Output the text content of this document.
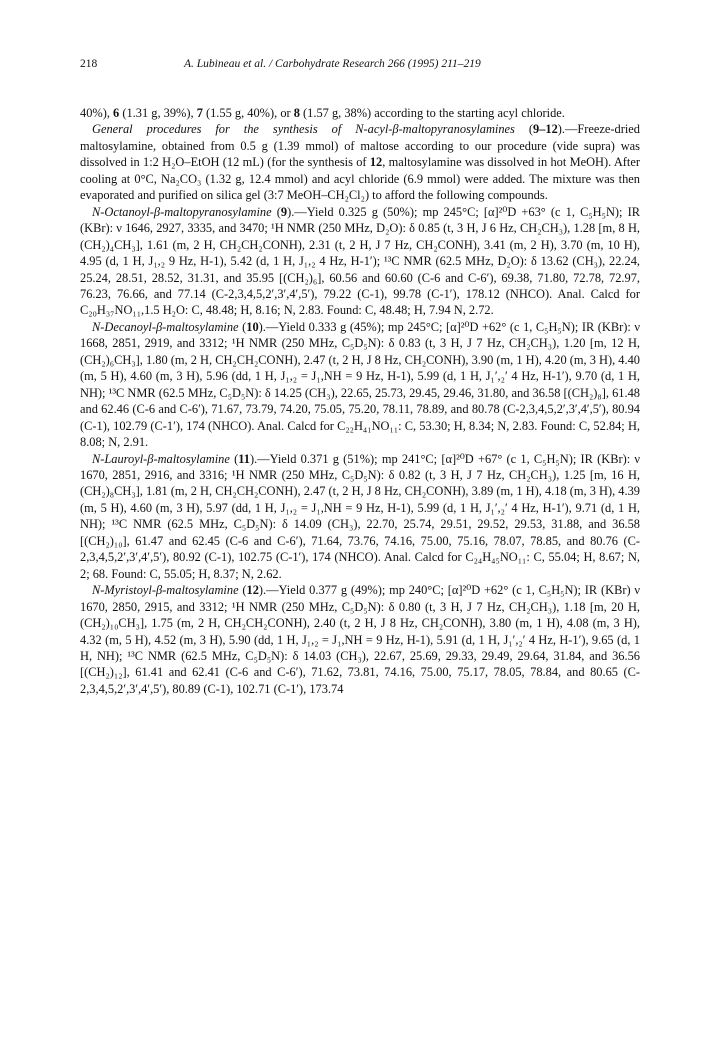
218	A. Lubineau et al. / Carbohydrate Research 266 (1995) 211–219

40%), 6 (1.31 g, 39%), 7 (1.55 g, 40%), or 8 (1.57 g, 38%) according to the starting acyl chloride.

General procedures for the synthesis of N-acyl-β-maltopyranosylamines (9–12).—Freeze-dried maltosylamine, obtained from 0.5 g (1.39 mmol) of maltose according to our procedure (vide supra) was dissolved in 1:2 H₂O–EtOH (12 mL) (for the synthesis of 12, maltosylamine was dissolved in hot MeOH). After cooling at 0°C, Na₂CO₃ (1.32 g, 12.4 mmol) and acyl chloride (6.9 mmol) were added. The mixture was then evaporated and purified on silica gel (3:7 MeOH–CH₂Cl₂) to afford the following compounds.

N-Octanoyl-β-maltopyranosylamine (9).—Yield 0.325 g (50%); mp 245°C; [α]²⁰D +63° (c 1, C₅H₅N); IR (KBr): ν 1646, 2927, 3335, and 3470; ¹H NMR (250 MHz, D₂O): δ 0.85 (t, 3 H, J 6 Hz, CH₂CH₃), 1.28 [m, 8 H, (CH₂)₄CH₃], 1.61 (m, 2 H, CH₂CH₂CONH), 2.31 (t, 2 H, J 7 Hz, CH₂CONH), 3.41 (m, 2 H), 3.70 (m, 10 H), 4.95 (d, 1 H, J₁,₂ 9 Hz, H-1), 5.42 (d, 1 H, J₁,₂ 4 Hz, H-1′); ¹³C NMR (62.5 MHz, D₂O): δ 13.62 (CH₃), 22.24, 25.24, 28.51, 28.52, 31.31, and 35.95 [(CH₂)₆], 60.56 and 60.60 (C-6 and C-6′), 69.38, 71.80, 72.78, 72.97, 76.23, 76.66, and 77.14 (C-2,3,4,5,2′,3′,4′,5′), 79.22 (C-1), 99.78 (C-1′), 178.12 (NHCO). Anal. Calcd for C₂₀H₃₇NO₁₁,1.5 H₂O: C, 48.48; H, 8.16; N, 2.83. Found: C, 48.48; H, 7.94 N, 2.72.

N-Decanoyl-β-maltosylamine (10).—Yield 0.333 g (45%); mp 245°C; [α]²⁰D +62° (c 1, C₅H₅N); IR (KBr): ν 1668, 2851, 2919, and 3312; ¹H NMR (250 MHz, C₅D₅N): δ 0.83 (t, 3 H, J 7 Hz, CH₂CH₃), 1.20 [m, 12 H, (CH₂)₆CH₃], 1.80 (m, 2 H, CH₂CH₂CONH), 2.47 (t, 2 H, J 8 Hz, CH₂CONH), 3.90 (m, 1 H), 4.20 (m, 3 H), 4.40 (m, 5 H), 4.60 (m, 3 H), 5.96 (dd, 1 H, J₁,₂ = J₁,NH = 9 Hz, H-1), 5.99 (d, 1 H, J₁′,₂′ 4 Hz, H-1′), 9.70 (d, 1 H, NH); ¹³C NMR (62.5 MHz, C₅D₅N): δ 14.25 (CH₃), 22.65, 25.73, 29.45, 29.46, 31.80, and 36.58 [(CH₂)₈], 61.48 and 62.46 (C-6 and C-6′), 71.67, 73.79, 74.20, 75.05, 75.20, 78.11, 78.89, and 80.78 (C-2,3,4,5,2′,3′,4′,5′), 80.94 (C-1), 102.79 (C-1′), 174 (NHCO). Anal. Calcd for C₂₂H₄₁NO₁₁: C, 53.30; H, 8.34; N, 2.83. Found: C, 52.84; H, 8.08; N, 2.91.

N-Lauroyl-β-maltosylamine (11).—Yield 0.371 g (51%); mp 241°C; [α]²⁰D +67° (c 1, C₅H₅N); IR (KBr): ν 1670, 2851, 2916, and 3316; ¹H NMR (250 MHz, C₅D₅N): δ 0.82 (t, 3 H, J 7 Hz, CH₂CH₃), 1.25 [m, 16 H, (CH₂)₈CH₃], 1.81 (m, 2 H, CH₂CH₂CONH), 2.47 (t, 2 H, J 8 Hz, CH₂CONH), 3.89 (m, 1 H), 4.18 (m, 3 H), 4.39 (m, 5 H), 4.60 (m, 3 H), 5.97 (dd, 1 H, J₁,₂ = J₁,NH = 9 Hz, H-1), 5.99 (d, 1 H, J₁′,₂′ 4 Hz, H-1′), 9.71 (d, 1 H, NH); ¹³C NMR (62.5 MHz, C₅D₅N): δ 14.09 (CH₃), 22.70, 25.74, 29.51, 29.52, 29.53, 31.88, and 36.58 [(CH₂)₁₀], 61.47 and 62.45 (C-6 and C-6′), 71.64, 73.76, 74.16, 75.00, 75.16, 78.07, 78.85, and 80.76 (C-2,3,4,5,2′,3′,4′,5′), 80.92 (C-1), 102.75 (C-1′), 174 (NHCO). Anal. Calcd for C₂₄H₄₅NO₁₁: C, 55.04; H, 8.67; N, 2; 68. Found: C, 55.05; H, 8.37; N, 2.62.

N-Myristoyl-β-maltosylamine (12).—Yield 0.377 g (49%); mp 240°C; [α]²⁰D +62° (c 1, C₅H₅N); IR (KBr) ν 1670, 2850, 2915, and 3312; ¹H NMR (250 MHz, C₅D₅N): δ 0.80 (t, 3 H, J 7 Hz, CH₂CH₃), 1.18 [m, 20 H, (CH₂)₁₀CH₃], 1.75 (m, 2 H, CH₂CH₂CONH), 2.40 (t, 2 H, J 8 Hz, CH₂CONH), 3.80 (m, 1 H), 4.08 (m, 3 H), 4.32 (m, 5 H), 4.52 (m, 3 H), 5.90 (dd, 1 H, J₁,₂ = J₁,NH = 9 Hz, H-1), 5.91 (d, 1 H, J₁′,₂′ 4 Hz, H-1′), 9.65 (d, 1 H, NH); ¹³C NMR (62.5 MHz, C₅D₅N): δ 14.03 (CH₃), 22.67, 25.69, 29.33, 29.49, 29.64, 31.84, and 36.56 [(CH₂)₁₂], 61.41 and 62.41 (C-6 and C-6′), 71.62, 73.81, 74.16, 75.00, 75.17, 78.05, 78.84, and 80.65 (C-2,3,4,5,2′,3′,4′,5′), 80.89 (C-1), 102.71 (C-1′), 173.74
